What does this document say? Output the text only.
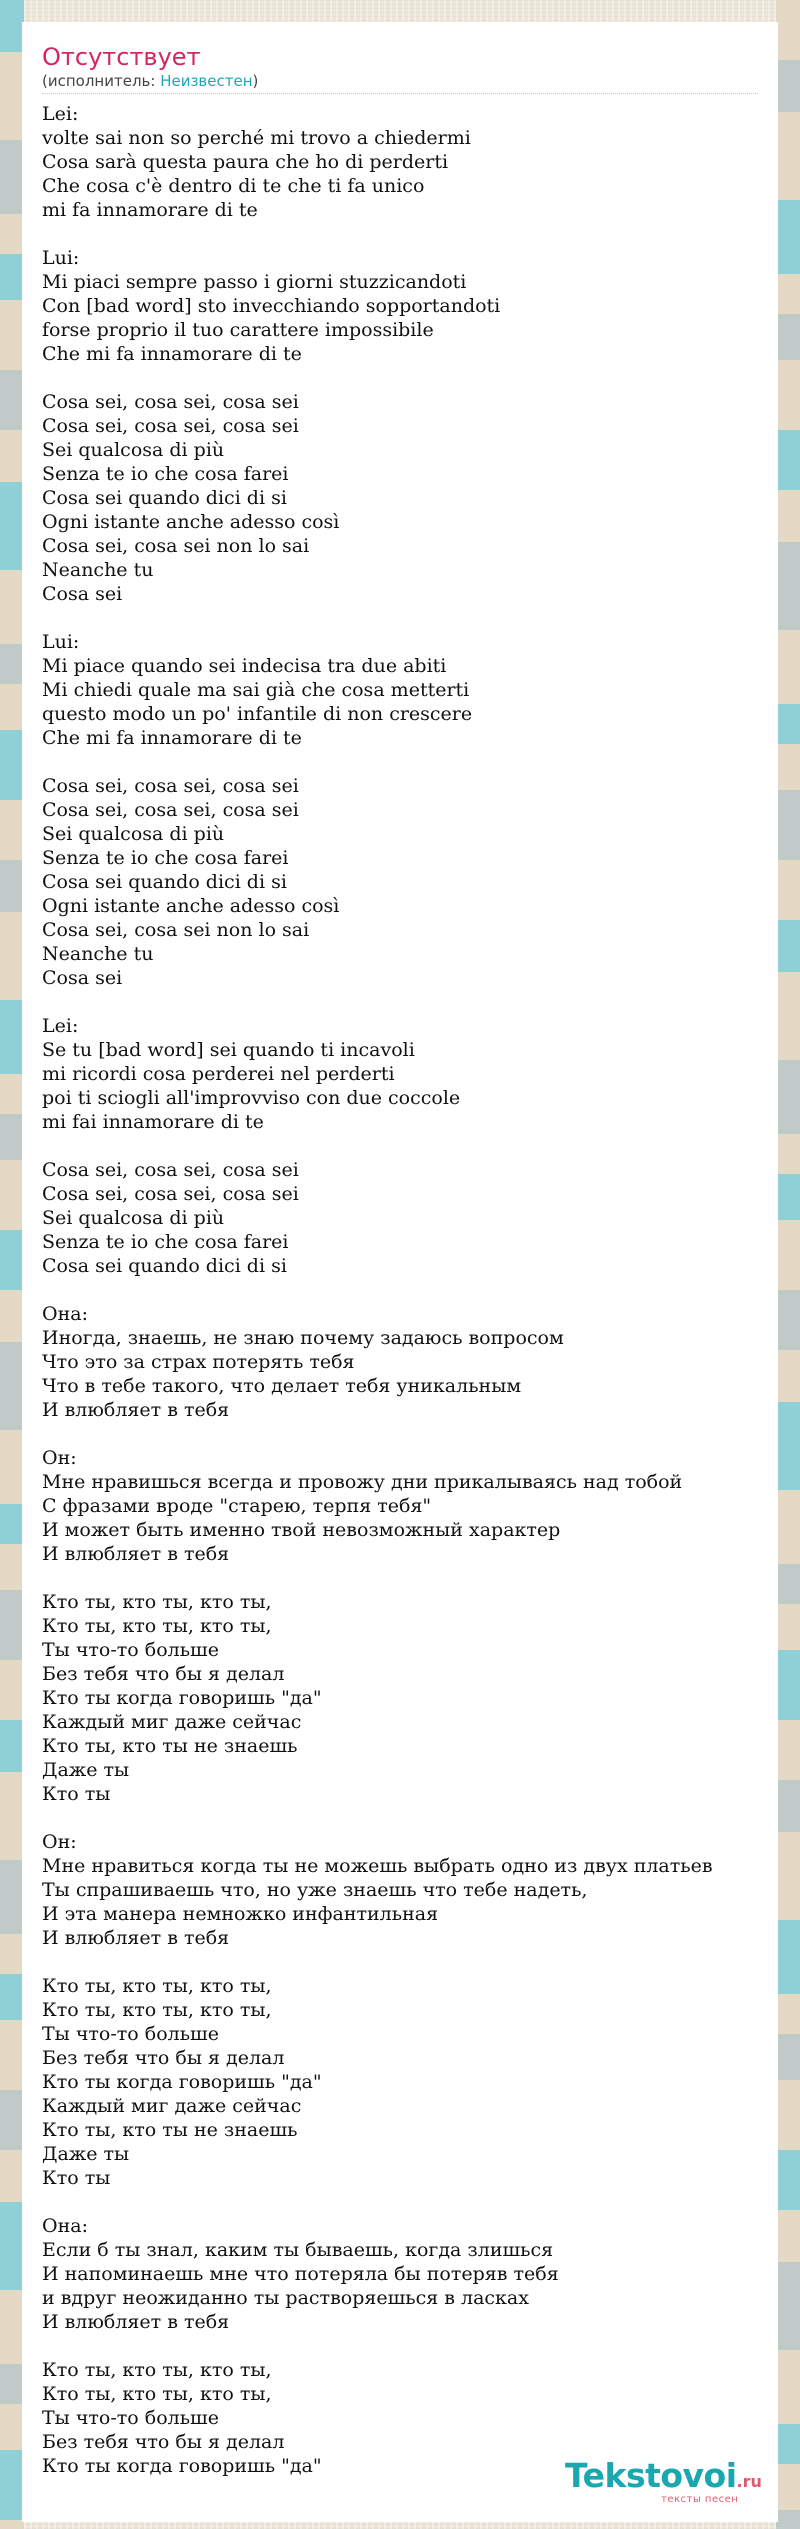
Отсутствует
(исполнитель: Неизвестен)
Lei:
volte sai non so perché mi trovo a chiedermi
Cosa sarà questa paura che ho di perderti
Che cosa c'è dentro di te che ti fa unico
mi fa innamorare di te

Lui:
Mi piaci sempre passo i giorni stuzzicandoti
Con [bad word] sto invecchiando sopportandoti
forse proprio il tuo carattere impossibile
Che mi fa innamorare di te

Cosa sei, cosa sei, cosa sei
Cosa sei, cosa sei, cosa sei
Sei qualcosa di più
Senza te io che cosa farei
Cosa sei quando dici di si
Ogni istante anche adesso così
Cosa sei, cosa sei non lo sai
Neanche tu
Cosa sei

Lui:
Mi piace quando sei indecisa tra due abiti
Mi chiedi quale ma sai già che cosa metterti
questo modo un po' infantile di non crescere
Che mi fa innamorare di te

Cosa sei, cosa sei, cosa sei
Cosa sei, cosa sei, cosa sei
Sei qualcosa di più
Senza te io che cosa farei
Cosa sei quando dici di si
Ogni istante anche adesso così
Cosa sei, cosa sei non lo sai
Neanche tu
Cosa sei

Lei:
Se tu [bad word] sei quando ti incavoli
mi ricordi cosa perderei nel perderti
poi ti sciogli all'improvviso con due coccole
mi fai innamorare di te

Cosa sei, cosa sei, cosa sei
Cosa sei, cosa sei, cosa sei
Sei qualcosa di più
Senza te io che cosa farei
Cosa sei quando dici di si

Она:
Иногда, знаешь, не знаю почему задаюсь вопросом
Что это за страх потерять тебя
Что в тебе такого, что делает тебя уникальным
И влюбляет в тебя

Он:
Мне нравишься всегда и провожу дни прикалываясь над тобой
С фразами вроде "старею, терпя тебя"
И может быть именно твой невозможный характер
И влюбляет в тебя

Кто ты, кто ты, кто ты,
Кто ты, кто ты, кто ты,
Ты что-то больше
Без тебя что бы я делал
Кто ты когда говоришь "да"
Каждый миг даже сейчас
Кто ты, кто ты не знаешь
Даже ты
Кто ты

Он:
Мне нравиться когда ты не можешь выбрать одно из двух платьев
Ты спрашиваешь что, но уже знаешь что тебе надеть,
И эта манера немножко инфантильная
И влюбляет в тебя

Кто ты, кто ты, кто ты,
Кто ты, кто ты, кто ты,
Ты что-то больше
Без тебя что бы я делал
Кто ты когда говоришь "да"
Каждый миг даже сейчас
Кто ты, кто ты не знаешь
Даже ты
Кто ты

Она:
Если б ты знал, каким ты бываешь, когда злишься
И напоминаешь мне что потеряла бы потеряв тебя
и вдруг неожиданно ты растворяешься в ласках
И влюбляет в тебя

Кто ты, кто ты, кто ты,
Кто ты, кто ты, кто ты,
Ты что-то больше
Без тебя что бы я делал
Кто ты когда говоришь "да"	Tekstovoi.ru
тексты песен
